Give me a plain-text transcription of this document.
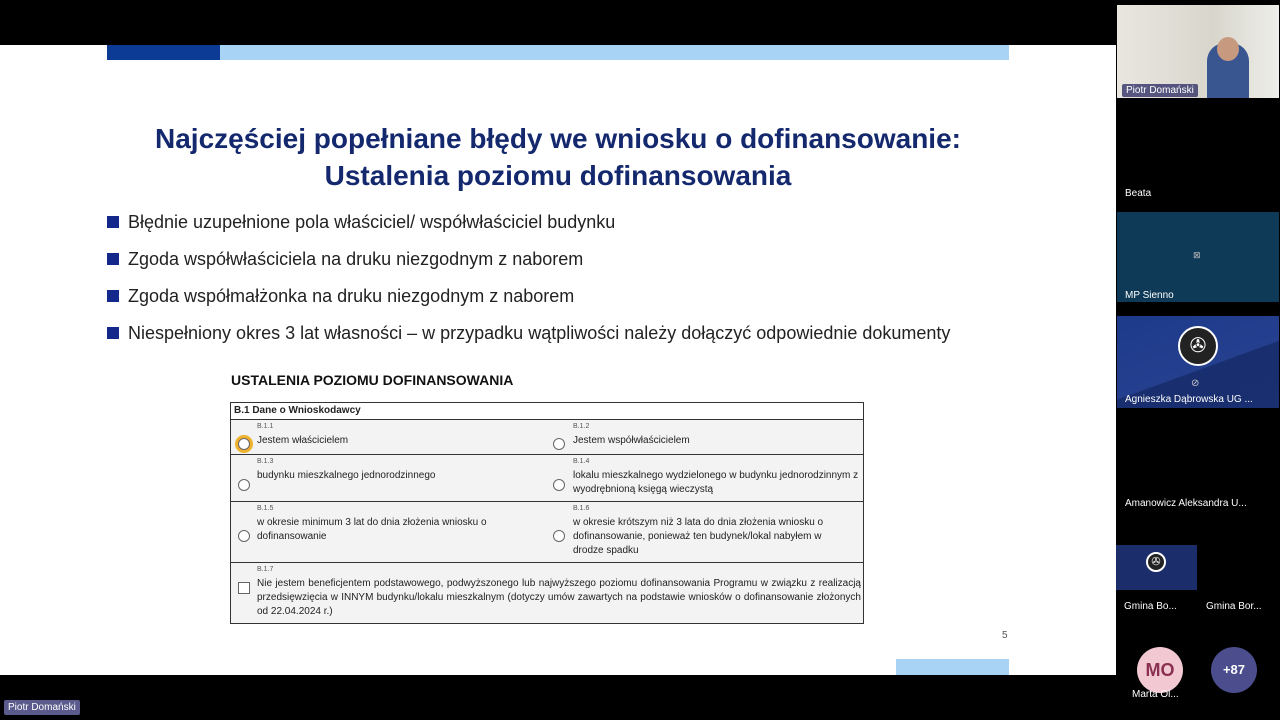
Najczęściej popełniane błędy we wniosku o dofinansowanie:
Ustalenia poziomu dofinansowania
Błędnie uzupełnione pola właściciel/ współwłaściciel budynku
Zgoda współwłaściciela na druku niezgodnym z naborem
Zgoda współmałżonka na druku niezgodnym z naborem
Niespełniony okres 3 lat własności – w przypadku wątpliwości należy dołączyć odpowiednie dokumenty
USTALENIA POZIOMU DOFINANSOWANIA
B.1 Dane o Wnioskodawcy
B.1.1
Jestem właścicielem
B.1.2
Jestem współwłaścicielem
B.1.3
budynku mieszkalnego jednorodzinnego
B.1.4
lokalu mieszkalnego wydzielonego w budynku jednorodzinnym z wyodrębnioną księgą wieczystą
B.1.5
w okresie minimum 3 lat do dnia złożenia wniosku o dofinansowanie
B.1.6
w okresie krótszym niż 3 lata do dnia złożenia wniosku o dofinansowanie, ponieważ ten budynek/lokal nabyłem w drodze spadku
B.1.7
Nie jestem beneficjentem podstawowego, podwyższonego lub najwyższego poziomu dofinansowania Programu w związku z realizacją przedsięwzięcia w INNYM budynku/lokalu mieszkalnym (dotyczy umów zawartych na podstawie wniosków o dofinansowanie złożonych od 22.04.2024 r.)
5
Piotr Domański
Piotr Domański
Beata
⊠
MP Sienno
✇
⊘
Agnieszka Dąbrowska UG ...
Amanowicz Aleksandra U...
✇
Gmina Bo...	Gmina Bor...
MO
Marta Ol...
+87
